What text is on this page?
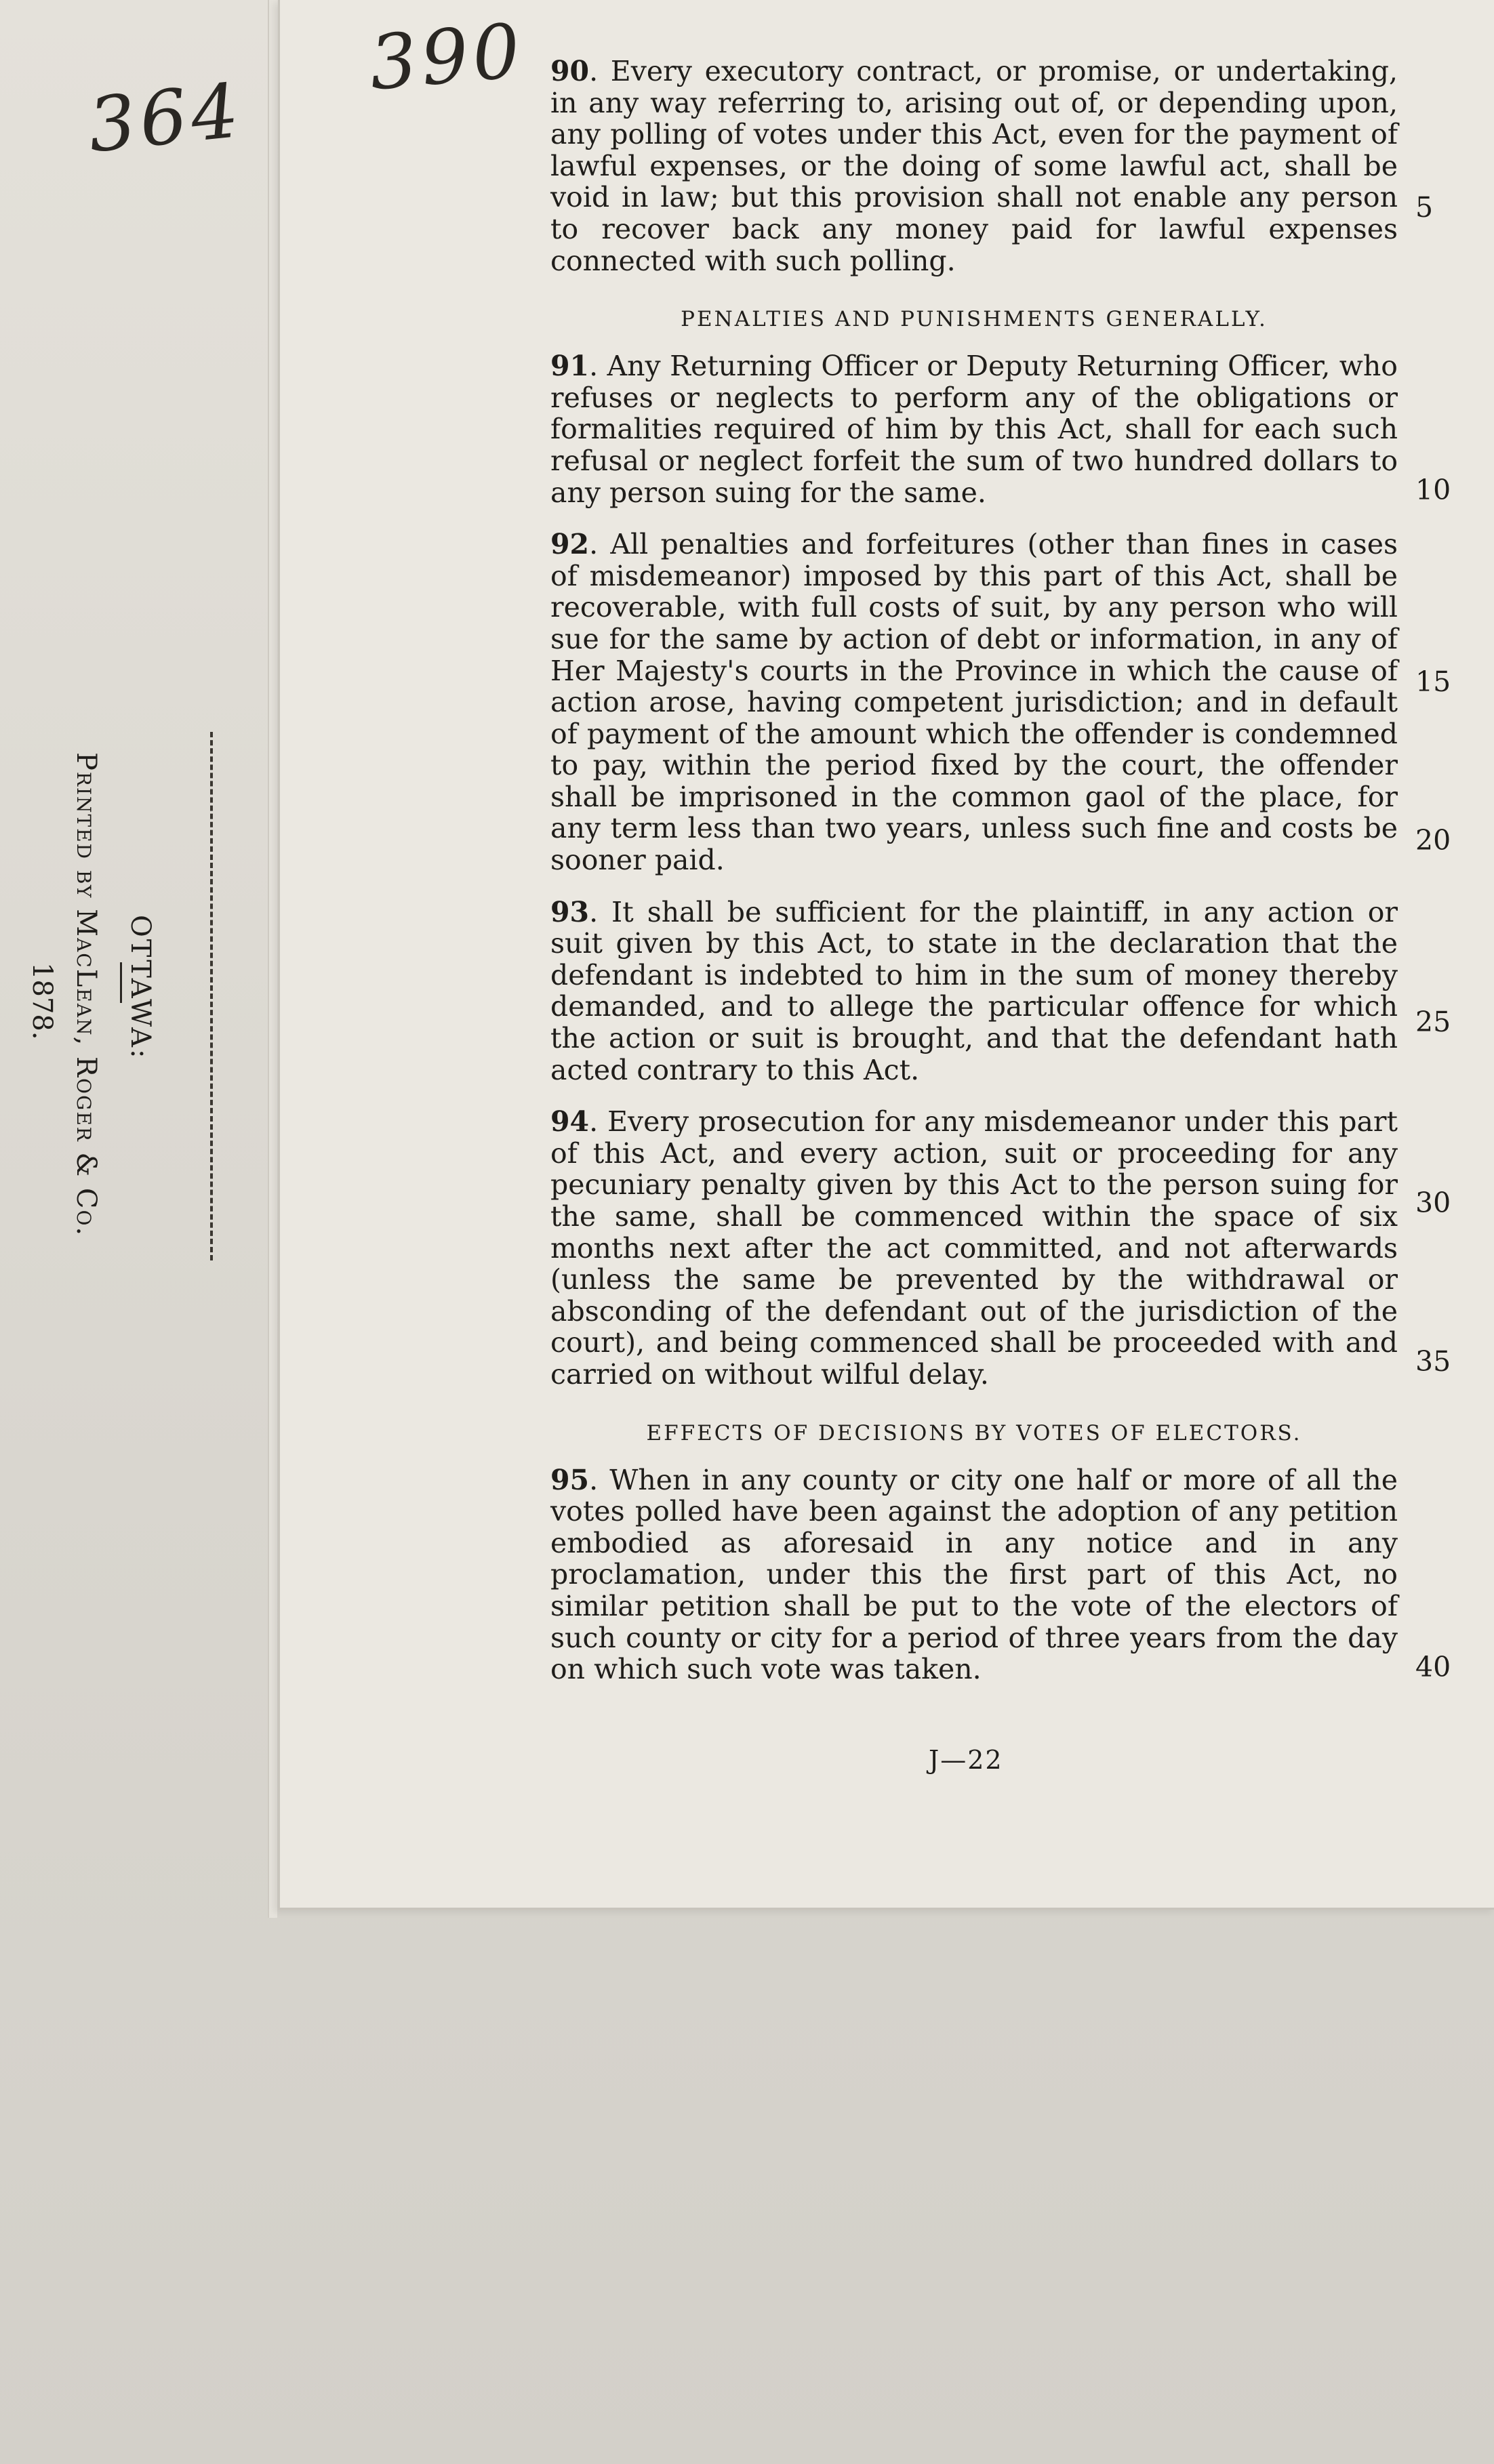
364
390
OTTAWA:
Printed by MacLean, Roger & Co.
1878.

90. Every executory contract, or promise, or undertaking, in any way referring to, arising out of, or depending upon, any polling of votes under this Act, even for the payment of lawful expenses, or the doing of some lawful act, shall be void in law; but this provision shall not enable any person to recover back any money paid for lawful expenses connected with such polling.

PENALTIES AND PUNISHMENTS GENERALLY.

91. Any Returning Officer or Deputy Returning Officer, who refuses or neglects to perform any of the obligations or formalities required of him by this Act, shall for each such refusal or neglect forfeit the sum of two hundred dollars to any person suing for the same.

92. All penalties and forfeitures (other than fines in cases of misdemeanor) imposed by this part of this Act, shall be recoverable, with full costs of suit, by any person who will sue for the same by action of debt or information, in any of Her Majesty's courts in the Province in which the cause of action arose, having competent jurisdiction; and in default of payment of the amount which the offender is condemned to pay, within the period fixed by the court, the offender shall be imprisoned in the common gaol of the place, for any term less than two years, unless such fine and costs be sooner paid.

93. It shall be sufficient for the plaintiff, in any action or suit given by this Act, to state in the declaration that the defendant is indebted to him in the sum of money thereby demanded, and to allege the particular offence for which the action or suit is brought, and that the defendant hath acted contrary to this Act.

94. Every prosecution for any misdemeanor under this part of this Act, and every action, suit or proceeding for any pecuniary penalty given by this Act to the person suing for the same, shall be commenced within the space of six months next after the act committed, and not afterwards (unless the same be prevented by the withdrawal or absconding of the defendant out of the jurisdiction of the court), and being commenced shall be proceeded with and carried on without wilful delay.

EFFECTS OF DECISIONS BY VOTES OF ELECTORS.

95. When in any county or city one half or more of all the votes polled have been against the adoption of any petition embodied as aforesaid in any notice and in any proclamation, under this the first part of this Act, no similar petition shall be put to the vote of the electors of such county or city for a period of three years from the day on which such vote was taken.

5
10
15
20
25
30
35
40
J—22
